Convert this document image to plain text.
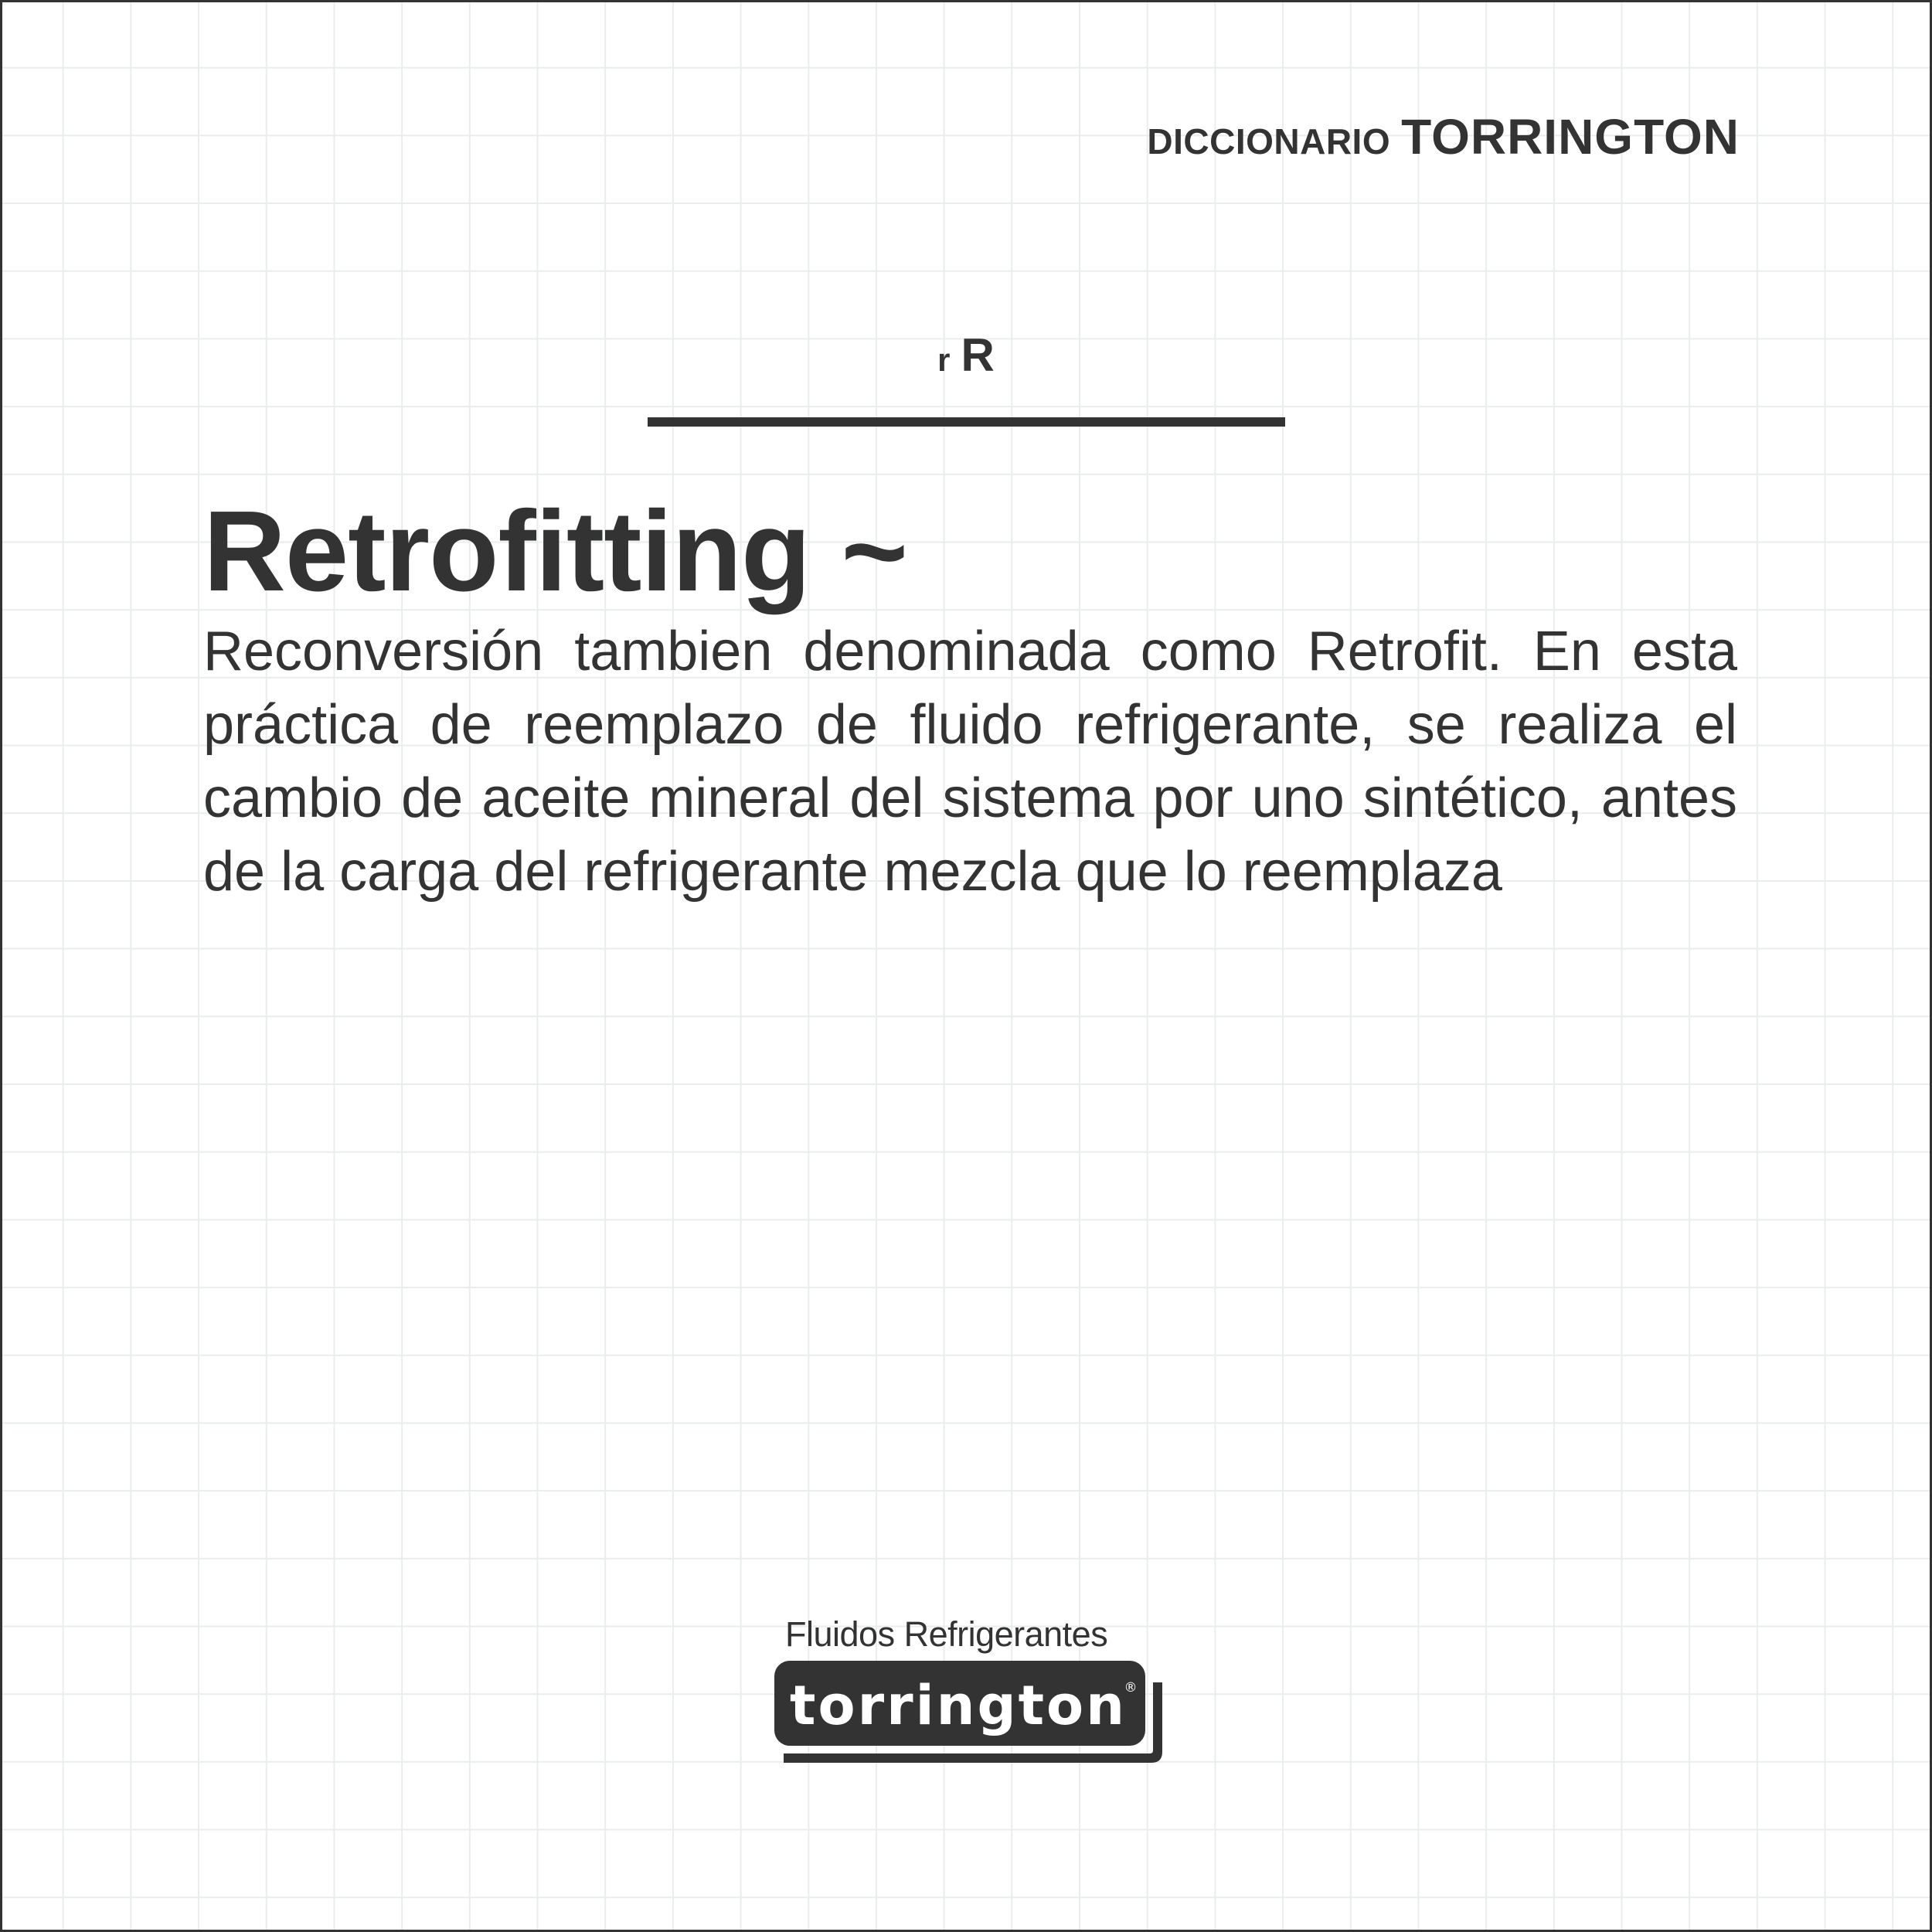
DICCIONARIO TORRINGTON
r R
Retrofitting ~

Reconversión tambien denominada como Retrofit. En esta práctica de reemplazo de fluido refrigerante, se realiza el cambio de aceite mineral del sistema por uno sintético, antes de la carga del refrigerante mezcla que lo reemplaza

Fluidos Refrigerantes
torrington
®
